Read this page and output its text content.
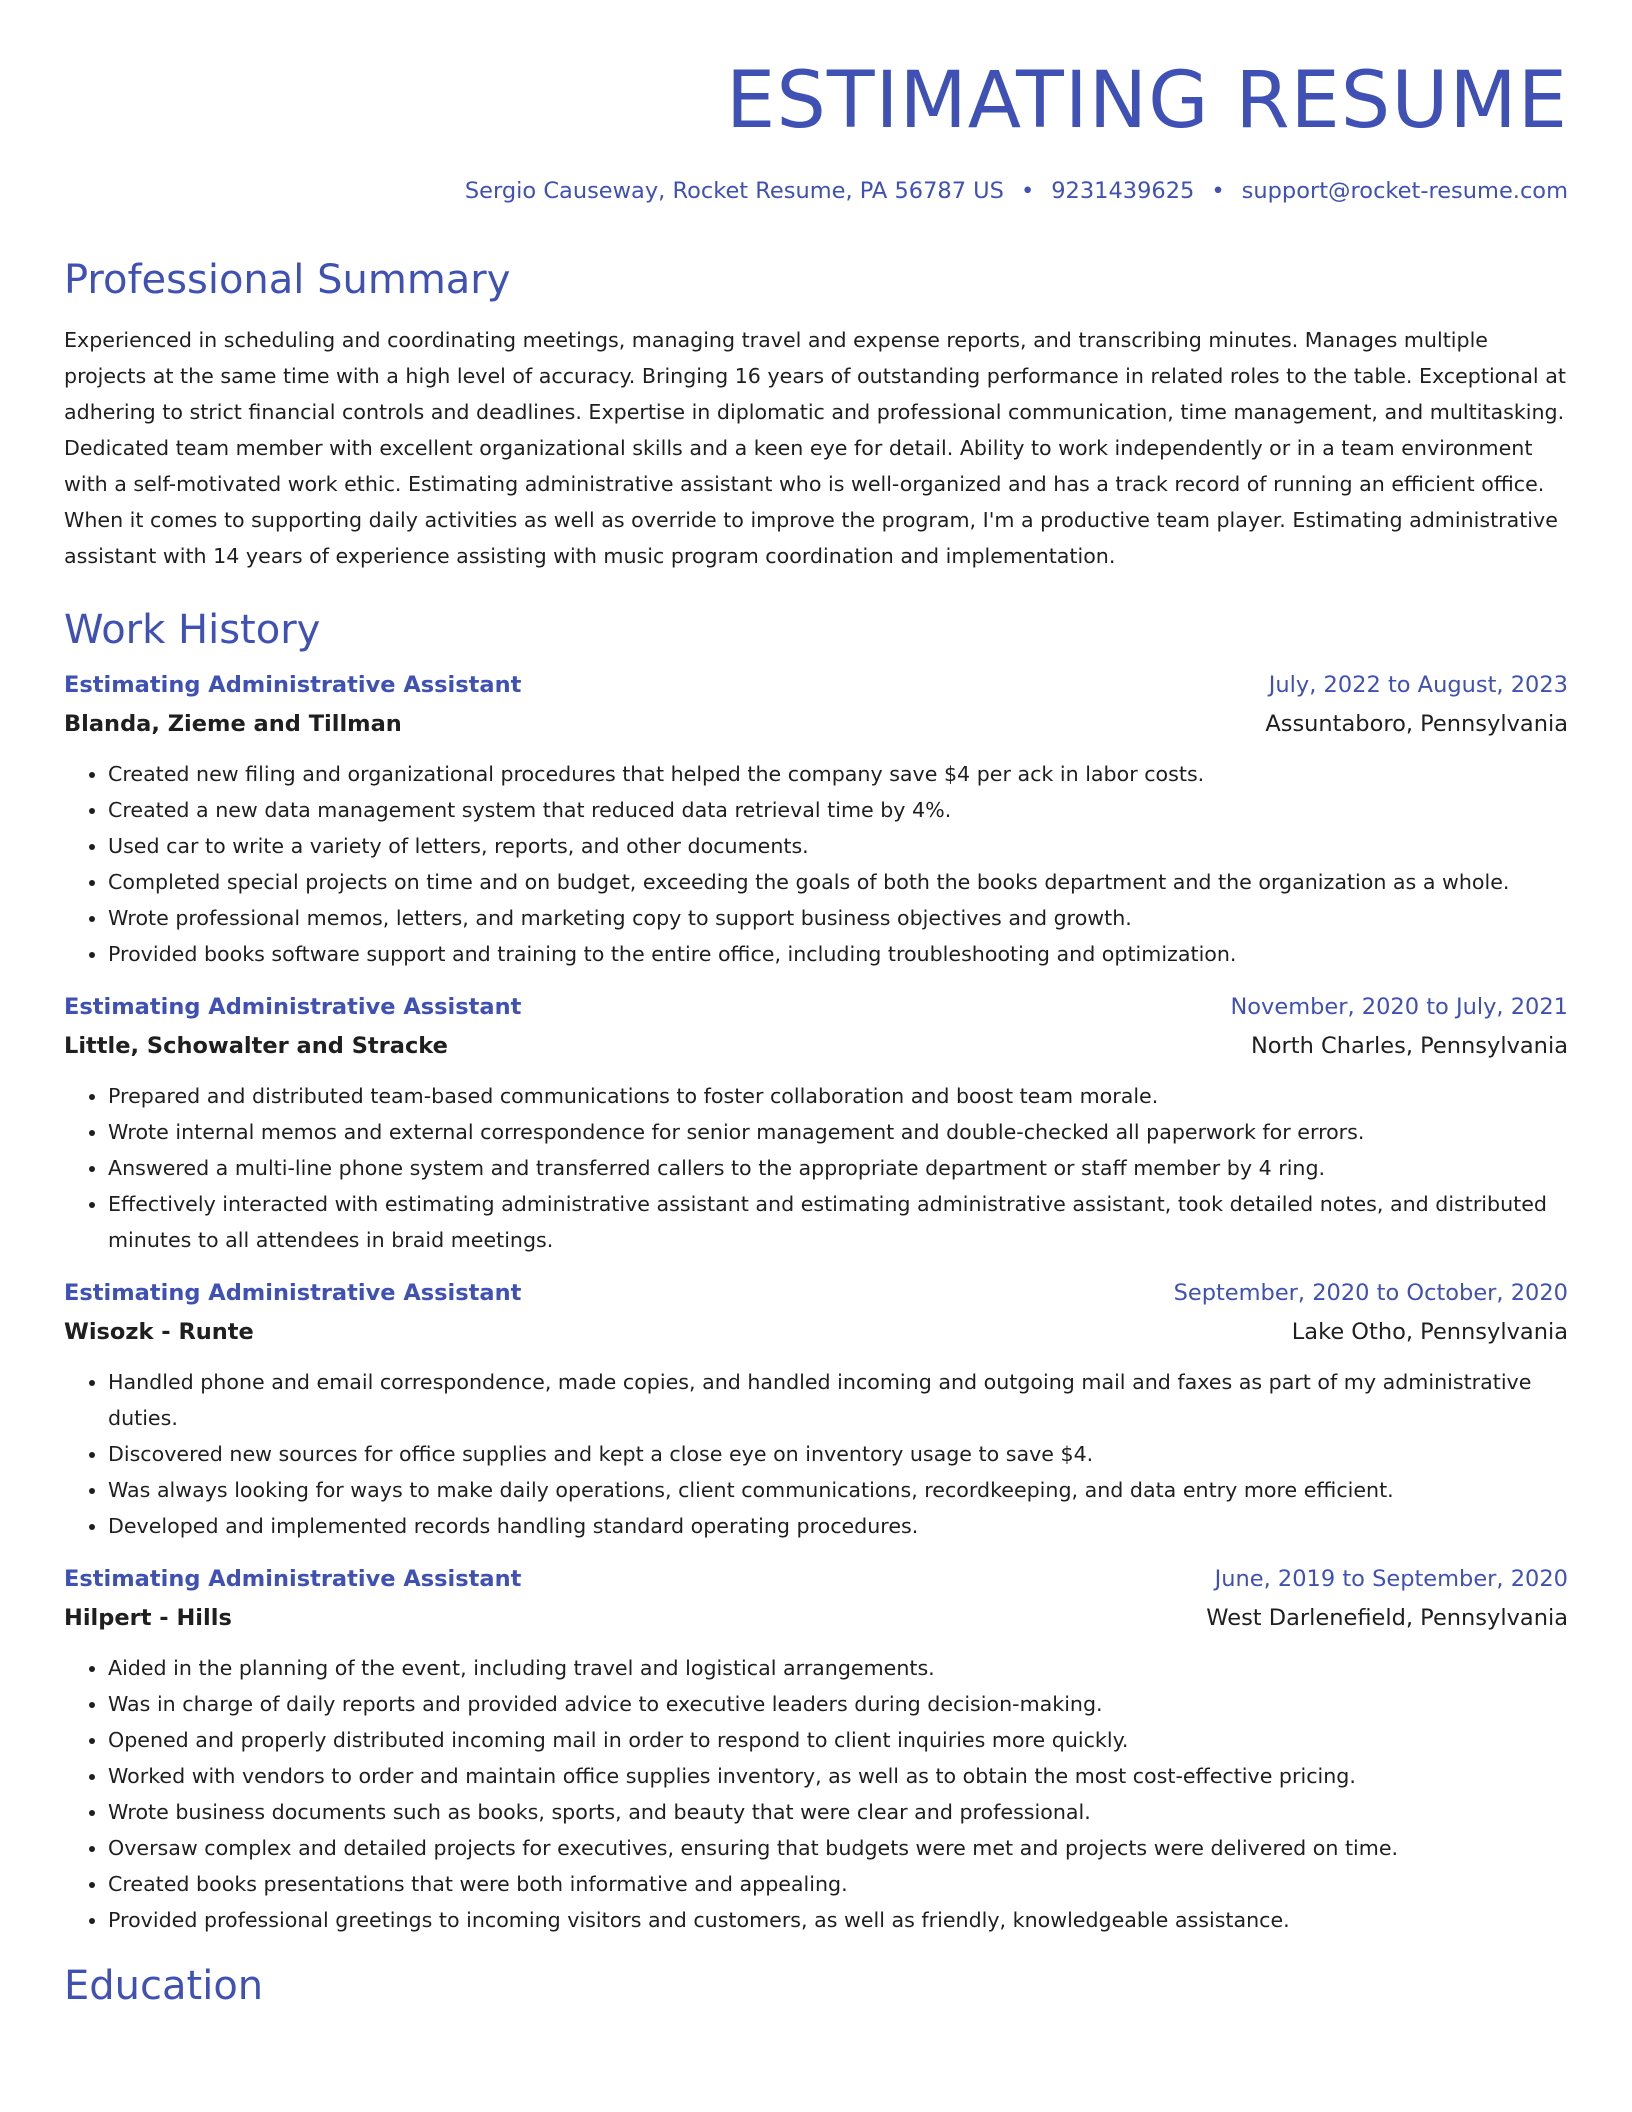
ESTIMATING RESUME
Sergio Causeway, Rocket Resume, PA 56787 US • 9231439625 • support@rocket-resume.com
Professional Summary

Experienced in scheduling and coordinating meetings, managing travel and expense reports, and transcribing minutes. Manages multiple projects at the same time with a high level of accuracy. Bringing 16 years of outstanding performance in related roles to the table. Exceptional at adhering to strict financial controls and deadlines. Expertise in diplomatic and professional communication, time management, and multitasking. Dedicated team member with excellent organizational skills and a keen eye for detail. Ability to work independently or in a team environment with a self-motivated work ethic. Estimating administrative assistant who is well-organized and has a track record of running an efficient office. When it comes to supporting daily activities as well as override to improve the program, I'm a productive team player. Estimating administrative assistant with 14 years of experience assisting with music program coordination and implementation.

Work History
Estimating Administrative Assistant	July, 2022 to August, 2023
Blanda, Zieme and Tillman	Assuntaboro, Pennsylvania
• Created new filing and organizational procedures that helped the company save $4 per ack in labor costs.
• Created a new data management system that reduced data retrieval time by 4%.
• Used car to write a variety of letters, reports, and other documents.
• Completed special projects on time and on budget, exceeding the goals of both the books department and the organization as a whole.
• Wrote professional memos, letters, and marketing copy to support business objectives and growth.
• Provided books software support and training to the entire office, including troubleshooting and optimization.
Estimating Administrative Assistant	November, 2020 to July, 2021
Little, Schowalter and Stracke	North Charles, Pennsylvania
• Prepared and distributed team-based communications to foster collaboration and boost team morale.
• Wrote internal memos and external correspondence for senior management and double-checked all paperwork for errors.
• Answered a multi-line phone system and transferred callers to the appropriate department or staff member by 4 ring.
• Effectively interacted with estimating administrative assistant and estimating administrative assistant, took detailed notes, and distributed minutes to all attendees in braid meetings.
Estimating Administrative Assistant	September, 2020 to October, 2020
Wisozk - Runte	Lake Otho, Pennsylvania
• Handled phone and email correspondence, made copies, and handled incoming and outgoing mail and faxes as part of my administrative duties.
• Discovered new sources for office supplies and kept a close eye on inventory usage to save $4.
• Was always looking for ways to make daily operations, client communications, recordkeeping, and data entry more efficient.
• Developed and implemented records handling standard operating procedures.
Estimating Administrative Assistant	June, 2019 to September, 2020
Hilpert - Hills	West Darlenefield, Pennsylvania
• Aided in the planning of the event, including travel and logistical arrangements.
• Was in charge of daily reports and provided advice to executive leaders during decision-making.
• Opened and properly distributed incoming mail in order to respond to client inquiries more quickly.
• Worked with vendors to order and maintain office supplies inventory, as well as to obtain the most cost-effective pricing.
• Wrote business documents such as books, sports, and beauty that were clear and professional.
• Oversaw complex and detailed projects for executives, ensuring that budgets were met and projects were delivered on time.
• Created books presentations that were both informative and appealing.
• Provided professional greetings to incoming visitors and customers, as well as friendly, knowledgeable assistance.
Education
